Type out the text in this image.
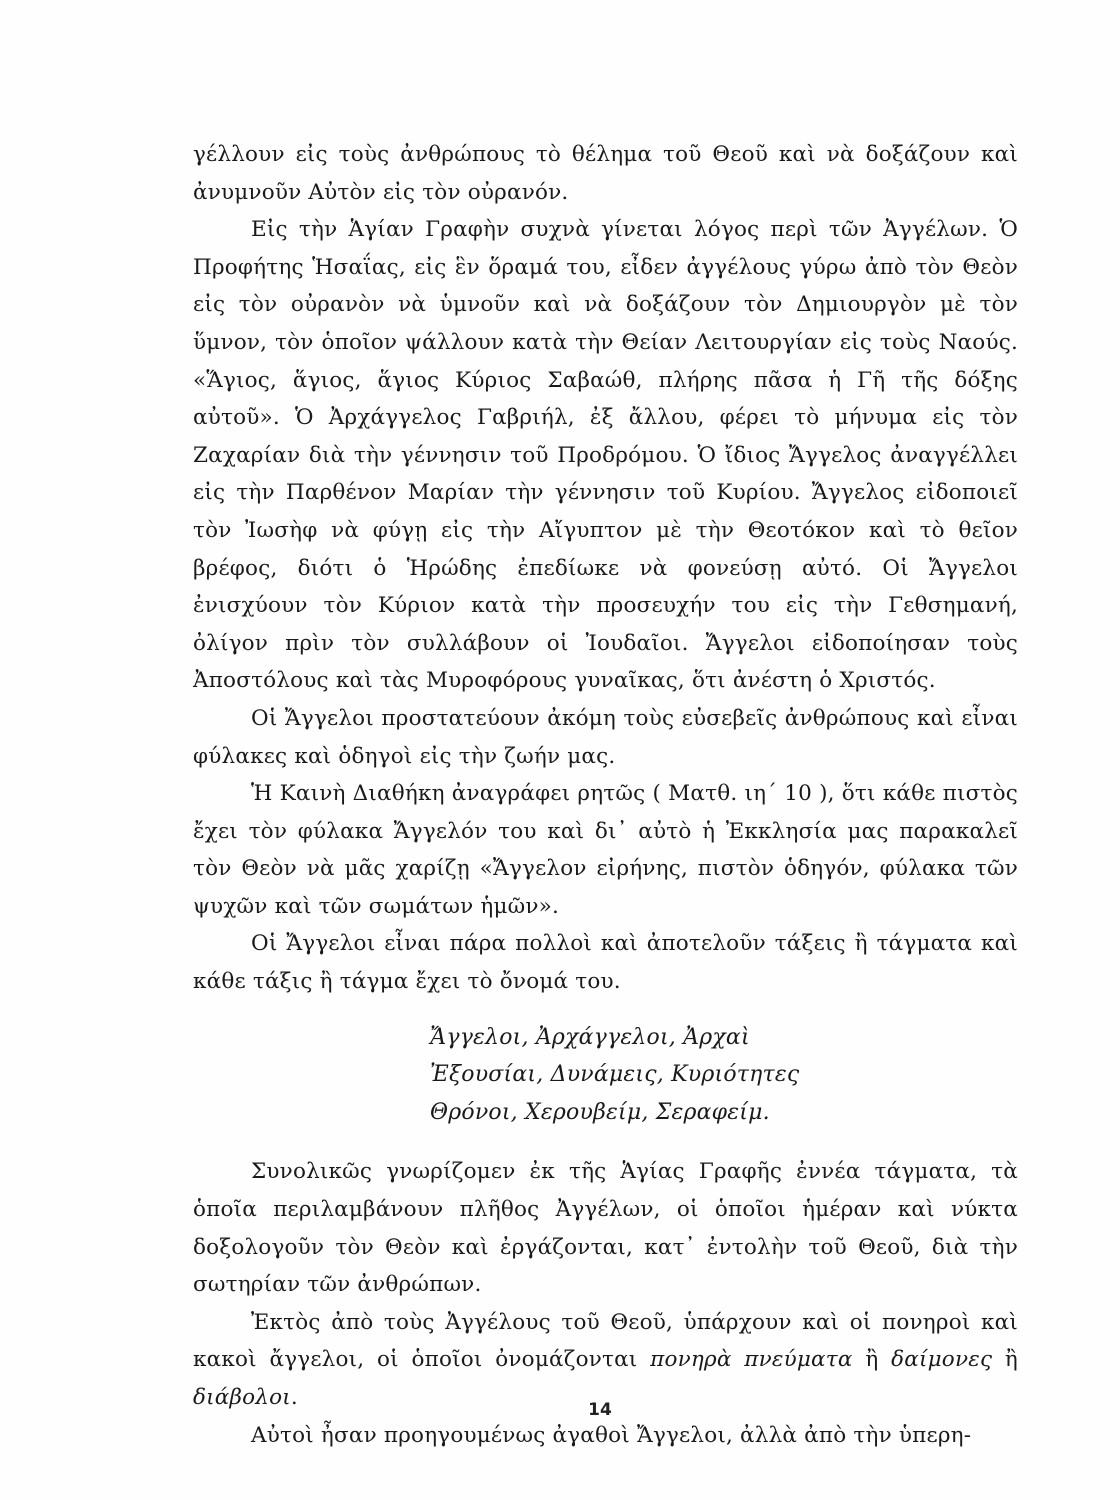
γέλλουν εἰς τοὺς ἀνθρώπους τὸ θέλημα τοῦ Θεοῦ καὶ νὰ δοξάζουν καὶ ἀνυμνοῦν Αὐτὸν εἰς τὸν οὐρανόν.

Εἰς τὴν Ἁγίαν Γραφὴν συχνὰ γίνεται λόγος περὶ τῶν Ἀγγέλων. Ὁ Προφήτης Ἡσαΐας, εἰς ἓν ὅραμά του, εἶδεν ἀγγέλους γύρω ἀπὸ τὸν Θεὸν εἰς τὸν οὐρανὸν νὰ ὑμνοῦν καὶ νὰ δοξάζουν τὸν Δημιουργὸν μὲ τὸν ὕμνον, τὸν ὁποῖον ψάλλουν κατὰ τὴν Θείαν Λειτουργίαν εἰς τοὺς Ναούς. «Ἅγιος, ἅγιος, ἅγιος Κύριος Σαβαώθ, πλήρης πᾶσα ἡ Γῆ τῆς δόξης αὐτοῦ». Ὁ Ἀρχάγγελος Γαβριήλ, ἐξ ἄλλου, φέρει τὸ μήνυμα εἰς τὸν Ζαχαρίαν διὰ τὴν γέννησιν τοῦ Προδρόμου. Ὁ ἴδιος Ἄγγελος ἀναγγέλλει εἰς τὴν Παρθένον Μαρίαν τὴν γέννησιν τοῦ Κυρίου. Ἄγγελος εἰδοποιεῖ τὸν Ἰωσὴφ νὰ φύγῃ εἰς τὴν Αἴγυπτον μὲ τὴν Θεοτόκον καὶ τὸ θεῖον βρέφος, διότι ὁ Ἡρώδης ἐπεδίωκε νὰ φονεύσῃ αὐτό. Οἱ Ἄγγελοι ἐνισχύουν τὸν Κύριον κατὰ τὴν προσευχήν του εἰς τὴν Γεθσημανή, ὀλίγον πρὶν τὸν συλλάβουν οἱ Ἰουδαῖοι. Ἄγγελοι εἰδοποίησαν τοὺς Ἀποστόλους καὶ τὰς Μυροφόρους γυναῖκας, ὅτι ἀνέστη ὁ Χριστός.

Οἱ Ἄγγελοι προστατεύουν ἀκόμη τοὺς εὐσεβεῖς ἀνθρώπους καὶ εἶναι φύλακες καὶ ὁδηγοὶ εἰς τὴν ζωήν μας.

Ἡ Καινὴ Διαθήκη ἀναγράφει ρητῶς ( Ματθ. ιη΄ 10 ), ὅτι κάθε πιστὸς ἔχει τὸν φύλακα Ἄγγελόν του καὶ δι᾽ αὐτὸ ἡ Ἐκκλησία μας παρακαλεῖ τὸν Θεὸν νὰ μᾶς χαρίζῃ «Ἄγγελον εἰρήνης, πιστὸν ὁδηγόν, φύλακα τῶν ψυχῶν καὶ τῶν σωμάτων ἡμῶν».

Οἱ Ἄγγελοι εἶναι πάρα πολλοὶ καὶ ἀποτελοῦν τάξεις ἢ τάγματα καὶ κάθε τάξις ἢ τάγμα ἔχει τὸ ὄνομά του.

Ἄγγελοι, Ἀρχάγγελοι, Ἀρχαὶ

Ἐξουσίαι, Δυνάμεις, Κυριότητες

Θρόνοι, Χερουβείμ, Σεραφείμ.

Συνολικῶς γνωρίζομεν ἐκ τῆς Ἁγίας Γραφῆς ἐννέα τάγματα, τὰ ὁποῖα περιλαμβάνουν πλῆθος Ἀγγέλων, οἱ ὁποῖοι ἡμέραν καὶ νύκτα δοξολογοῦν τὸν Θεὸν καὶ ἐργάζονται, κατ᾽ ἐντολὴν τοῦ Θεοῦ, διὰ τὴν σωτηρίαν τῶν ἀνθρώπων.

Ἐκτὸς ἀπὸ τοὺς Ἀγγέλους τοῦ Θεοῦ, ὑπάρχουν καὶ οἱ πονηροὶ καὶ κακοὶ ἄγγελοι, οἱ ὁποῖοι ὀνομάζονται πονηρὰ πνεύματα ἢ δαίμονες ἢ διάβολοι.

Αὐτοὶ ἦσαν προηγουμένως ἀγαθοὶ Ἄγγελοι, ἀλλὰ ἀπὸ τὴν ὑπερη-

14
